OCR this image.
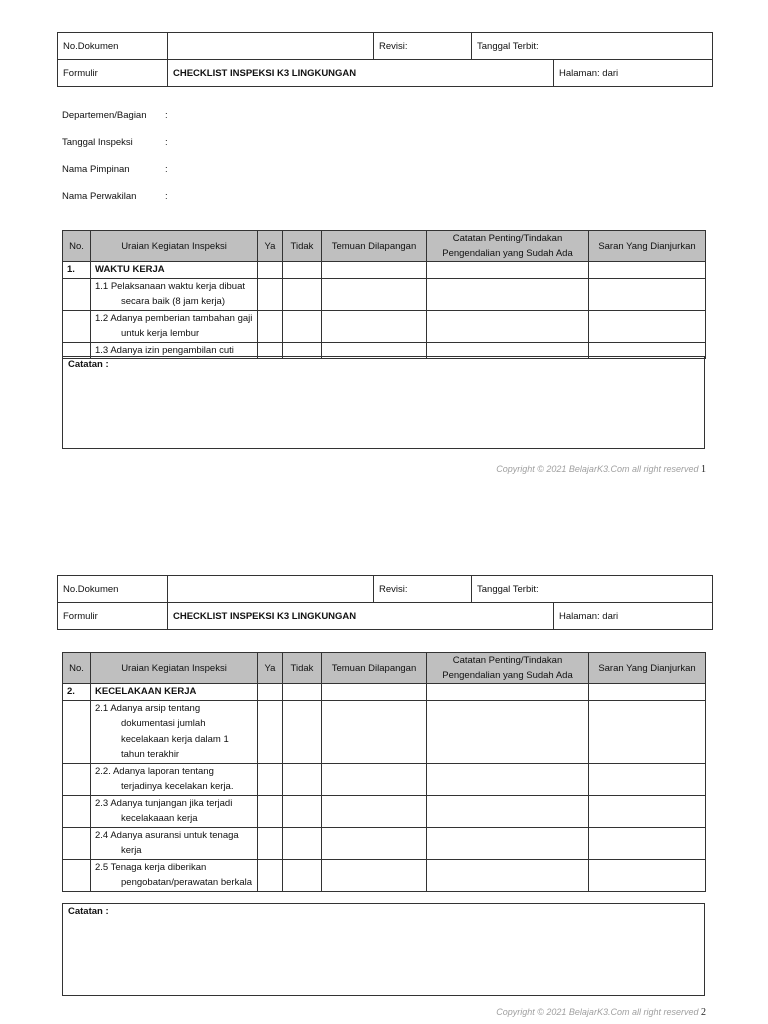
No.Dokumen		Revisi:	Tanggal Terbit:	
Formulir	CHECKLIST INSPEKSI K3 LINGKUNGAN			Halaman: dari
Departemen/Bagian :
Tanggal Inspeksi	:
Nama Pimpinan	:
Nama Perwakilan	:
No.	Uraian Kegiatan Inspeksi	Ya	Tidak	Temuan Dilapangan	Catatan Penting/Tindakan Pengendalian yang Sudah Ada	Saran Yang Dianjurkan
1.	WAKTU KERJA					
	1.1 Pelaksanaan waktu kerja dibuat secara baik (8 jam kerja)					
	1.2 Adanya pemberian tambahan gaji untuk kerja lembur					
	1.3 Adanya izin pengambilan cuti					
Catatan :
Copyright © 2021 BelajarK3.Com all right reserved 1
No.Dokumen		Revisi:	Tanggal Terbit:	
Formulir	CHECKLIST INSPEKSI K3 LINGKUNGAN			Halaman: dari
No.	Uraian Kegiatan Inspeksi	Ya	Tidak	Temuan Dilapangan	Catatan Penting/Tindakan Pengendalian yang Sudah Ada	Saran Yang Dianjurkan
2.	KECELAKAAN KERJA					
	2.1 Adanya arsip tentang dokumentasi jumlah kecelakaan kerja dalam 1 tahun terakhir					
	2.2. Adanya laporan tentang terjadinya kecelakan kerja.					
	2.3 Adanya tunjangan jika terjadi kecelakaaan kerja					
	2.4 Adanya asuransi untuk tenaga kerja					
	2.5 Tenaga kerja diberikan pengobatan/perawatan berkala					
Catatan :
Copyright © 2021 BelajarK3.Com all right reserved 2
